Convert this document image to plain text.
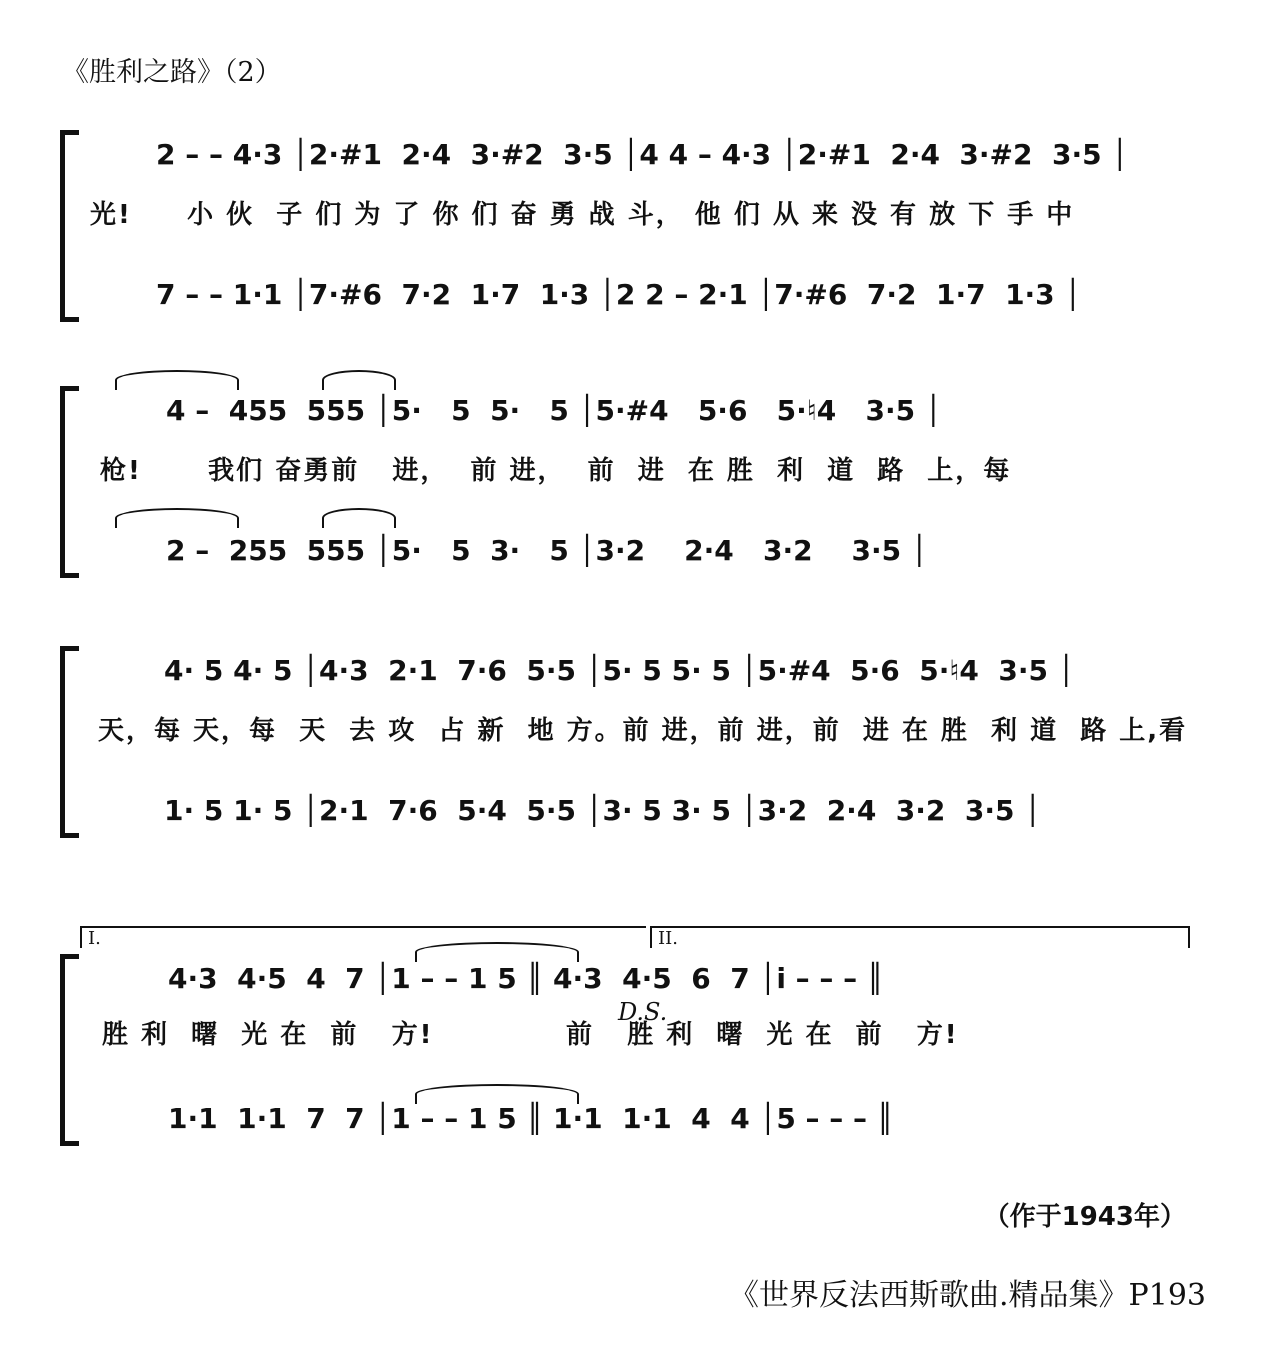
《胜利之路》（2）
2 – – 4·3 │2·#1  2·4  3·#2  3·5 │4 4 – 4·3 │2·#1  2·4  3·#2  3·5 │
光!     小 伙  子 们 为 了 你 们 奋 勇 战 斗， 他 们 从 来 没 有 放 下 手 中
7 – – 1·1 │7·#6  7·2  1·7  1·3 │2 2 – 2·1 │7·#6  7·2  1·7  1·3 │
4 –  455  555 │5·   5  5·   5 │5·#4   5·6   5·♮4   3·5 │
枪!      我们 奋勇前   进，  前 进，  前  进  在 胜  利  道  路  上，每
2 –  255  555 │5·   5  3·   5 │3·2    2·4   3·2    3·5 │
4· 5 4· 5 │4·3  2·1  7·6  5·5 │5· 5 5· 5 │5·#4  5·6  5·♮4  3·5 │
天，每 天，每  天  去 攻  占 新  地 方。前 进，前 进，前  进 在 胜  利 道  路 上,看
1· 5 1· 5 │2·1  7·6  5·4  5·5 │3· 5 3· 5 │3·2  2·4  3·2  3·5 │
I.	II.
4·3  4·5  4  7 │1 – – 1 5 ║ 4·3  4·5  6  7 │i – – – ║
胜 利  曙  光 在  前   方!            前   胜 利  曙  光 在  前   方!
D.S.
1·1  1·1  7  7 │1 – – 1 5 ║ 1·1  1·1  4  4 │5 – – – ║
（作于1943年）
《世界反法西斯歌曲.精品集》P193
